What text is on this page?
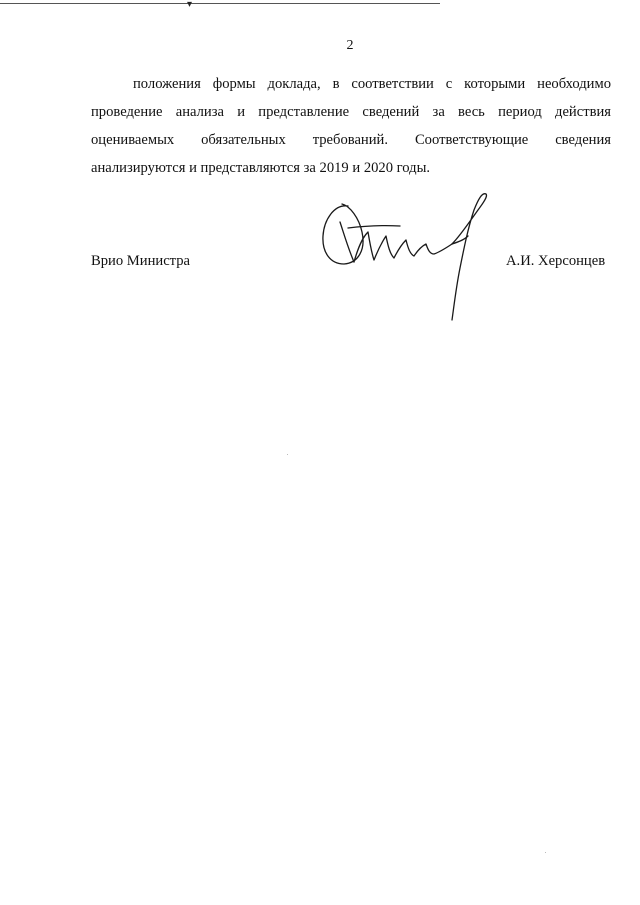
▾
2
положения формы доклада, в соответствии с которыми необходимо
проведение анализа и представление сведений за весь период действия
оцениваемых обязательных требований. Соответствующие сведения
анализируются и представляются за 2019 и 2020 годы.
Врио Министра	А.И. Херсонцев
